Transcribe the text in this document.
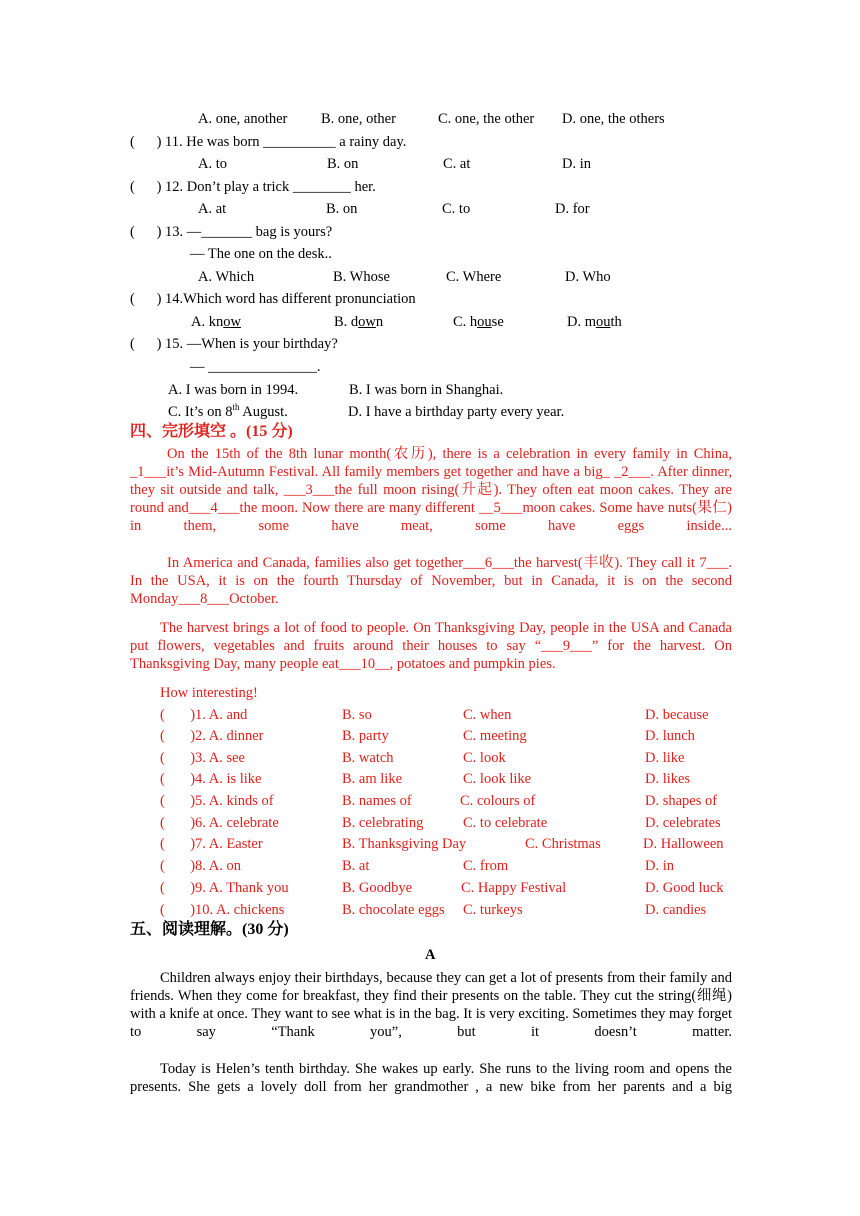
A. one, another B. one, other	C. one, the other D. one, the others
(      ) 11. He was born __________ a rainy day.
A. to	B. on	C. at	D. in
(      ) 12. Don’t play a trick ________ her.
A. at	B. on	C. to	D. for
(      ) 13. —_______ bag is yours?
— The one on the desk..
A. Which	B. Whose	C. Where	D. Who
(      ) 14.Which word has different pronunciation
A. know	B. down	C. house	D. mouth
(      ) 15. —When is your birthday?
— _______________.
A. I was born in 1994.	B. I was born in Shanghai.
C. It’s on 8th August.	D. I have a birthday party every year.
四、完形填空 。(15 分)
On the 15th of the 8th lunar month(农历), there is a celebration in every family in China, _1___it’s Mid-Autumn Festival. All family members get together and have a big_ _2___. After dinner, they sit outside and talk, ___3___the full moon rising(升起). They often eat moon cakes. They are round and___4___the moon. Now there are many different __5___moon cakes. Some have nuts(果仁) in them, some have meat, some have eggs inside...
In America and Canada, families also get together___6___the harvest(丰收). They call it 7___. In the USA, it is on the fourth Thursday of November, but in Canada, it is on the second Monday___8___October.
The harvest brings a lot of food to people. On Thanksgiving Day, people in the USA and Canada put flowers, vegetables and fruits around their houses to say “___9___” for the harvest. On Thanksgiving Day, many people eat___10__, potatoes and pumpkin pies.
How interesting!
(       )1. A. and	B. so	C. when	D. because
(       )2. A. dinner	B. party	C. meeting	D. lunch
(       )3. A. see	B. watch	C. look	D. like
(       )4. A. is like	B. am like	C. look like	D. likes
(       )5. A. kinds of	B. names of	C. colours of	D. shapes of
(       )6. A. celebrate	B. celebrating	C. to celebrate	D. celebrates
(       )7. A. Easter	B. Thanksgiving Day	C. Christmas	D. Halloween
(       )8. A. on	B. at	C. from	D. in
(       )9. A. Thank you	B. Goodbye	C. Happy Festival	D. Good luck
(       )10. A. chickens	B. chocolate eggs C. turkeys	D. candies
五、阅读理解。(30 分)
A
Children always enjoy their birthdays, because they can get a lot of presents from their family and friends. When they come for breakfast, they find their presents on the table. They cut the string(细绳) with a knife at once. They want to see what is in the bag. It is very exciting. Sometimes they may forget to say “Thank you”, but it doesn’t matter.
Today is Helen’s tenth birthday. She wakes up early. She runs to the living room and opens the presents. She gets a lovely doll from her grandmother , a new bike from her parents and a big
